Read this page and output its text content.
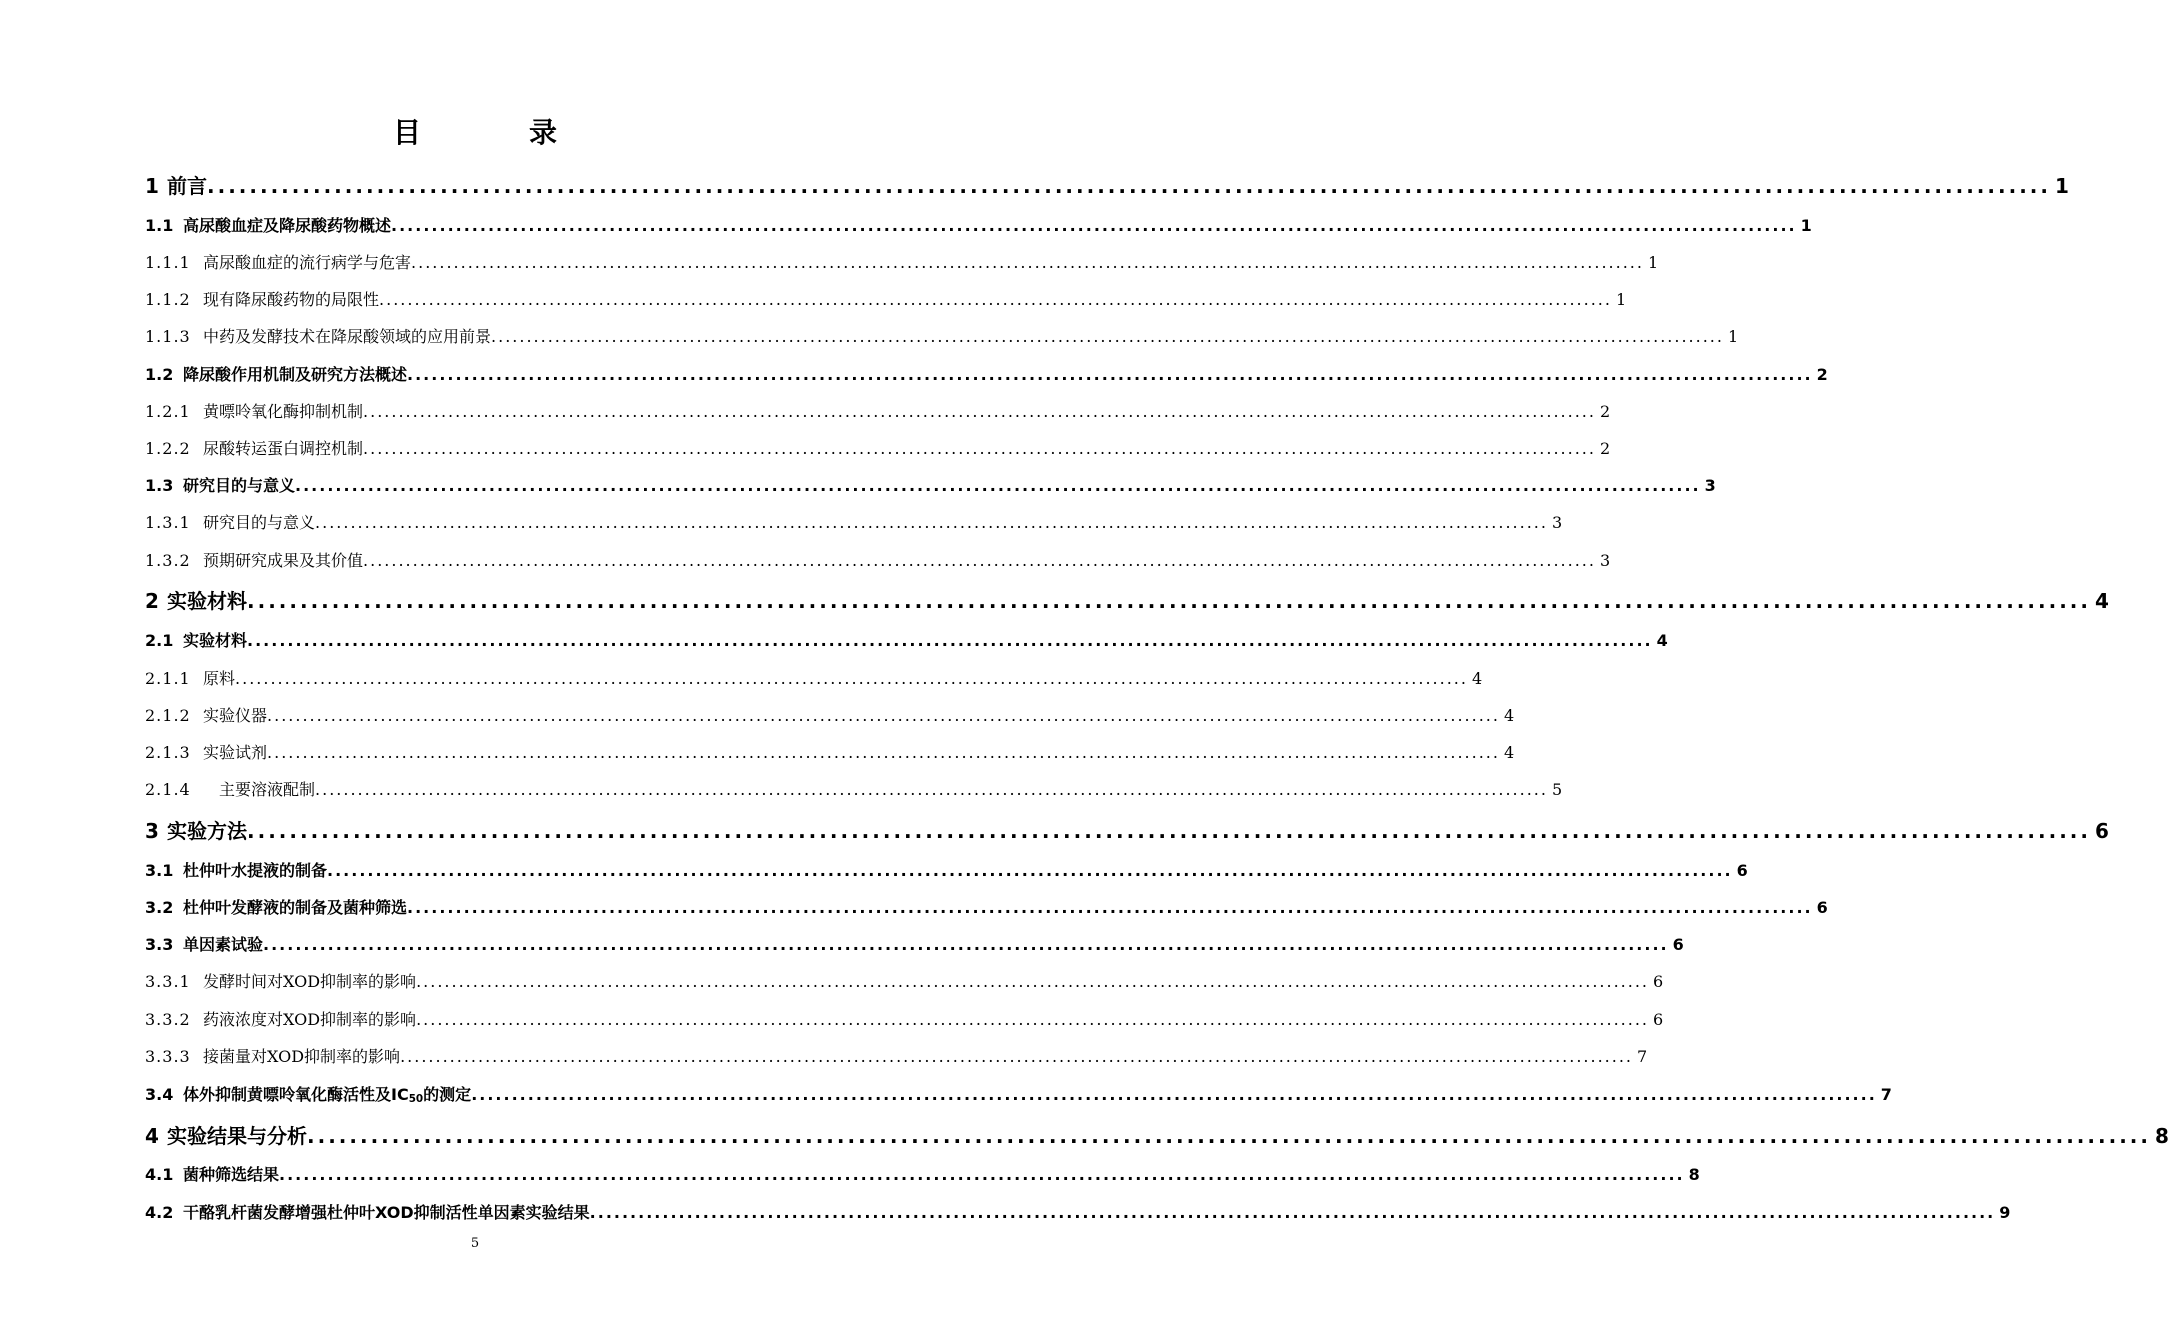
目　录
1 前言 .............................................................................................................................................................................. 1
1.1 高尿酸血症及降尿酸药物概述 .............................................................................................................................................................................. 1
1.1.1 高尿酸血症的流行病学与危害 .............................................................................................................................................................................. 1
1.1.2 现有降尿酸药物的局限性 .............................................................................................................................................................................. 1
1.1.3 中药及发酵技术在降尿酸领域的应用前景 .............................................................................................................................................................................. 1
1.2 降尿酸作用机制及研究方法概述 .............................................................................................................................................................................. 2
1.2.1 黄嘌呤氧化酶抑制机制 .............................................................................................................................................................................. 2
1.2.2 尿酸转运蛋白调控机制 .............................................................................................................................................................................. 2
1.3 研究目的与意义 .............................................................................................................................................................................. 3
1.3.1 研究目的与意义 .............................................................................................................................................................................. 3
1.3.2 预期研究成果及其价值 .............................................................................................................................................................................. 3
2 实验材料 .............................................................................................................................................................................. 4
2.1 实验材料 .............................................................................................................................................................................. 4
2.1.1 原料 .............................................................................................................................................................................. 4
2.1.2 实验仪器 .............................................................................................................................................................................. 4
2.1.3 实验试剂 .............................................................................................................................................................................. 4
2.1.4 　主要溶液配制 .............................................................................................................................................................................. 5
3 实验方法 .............................................................................................................................................................................. 6
3.1 杜仲叶水提液的制备 .............................................................................................................................................................................. 6
3.2 杜仲叶发酵液的制备及菌种筛选 .............................................................................................................................................................................. 6
3.3 单因素试验 .............................................................................................................................................................................. 6
3.3.1 发酵时间对XOD抑制率的影响 .............................................................................................................................................................................. 6
3.3.2 药液浓度对XOD抑制率的影响 .............................................................................................................................................................................. 6
3.3.3 接菌量对XOD抑制率的影响 .............................................................................................................................................................................. 7
3.4 体外抑制黄嘌呤氧化酶活性及$IC_{50}$的测定 .............................................................................................................................................................................. 7
4 实验结果与分析 .............................................................................................................................................................................. 8
4.1 菌种筛选结果 .............................................................................................................................................................................. 8
4.2 干酪乳杆菌发酵增强杜仲叶XOD抑制活性单因素实验结果 .............................................................................................................................................................................. 9
5
